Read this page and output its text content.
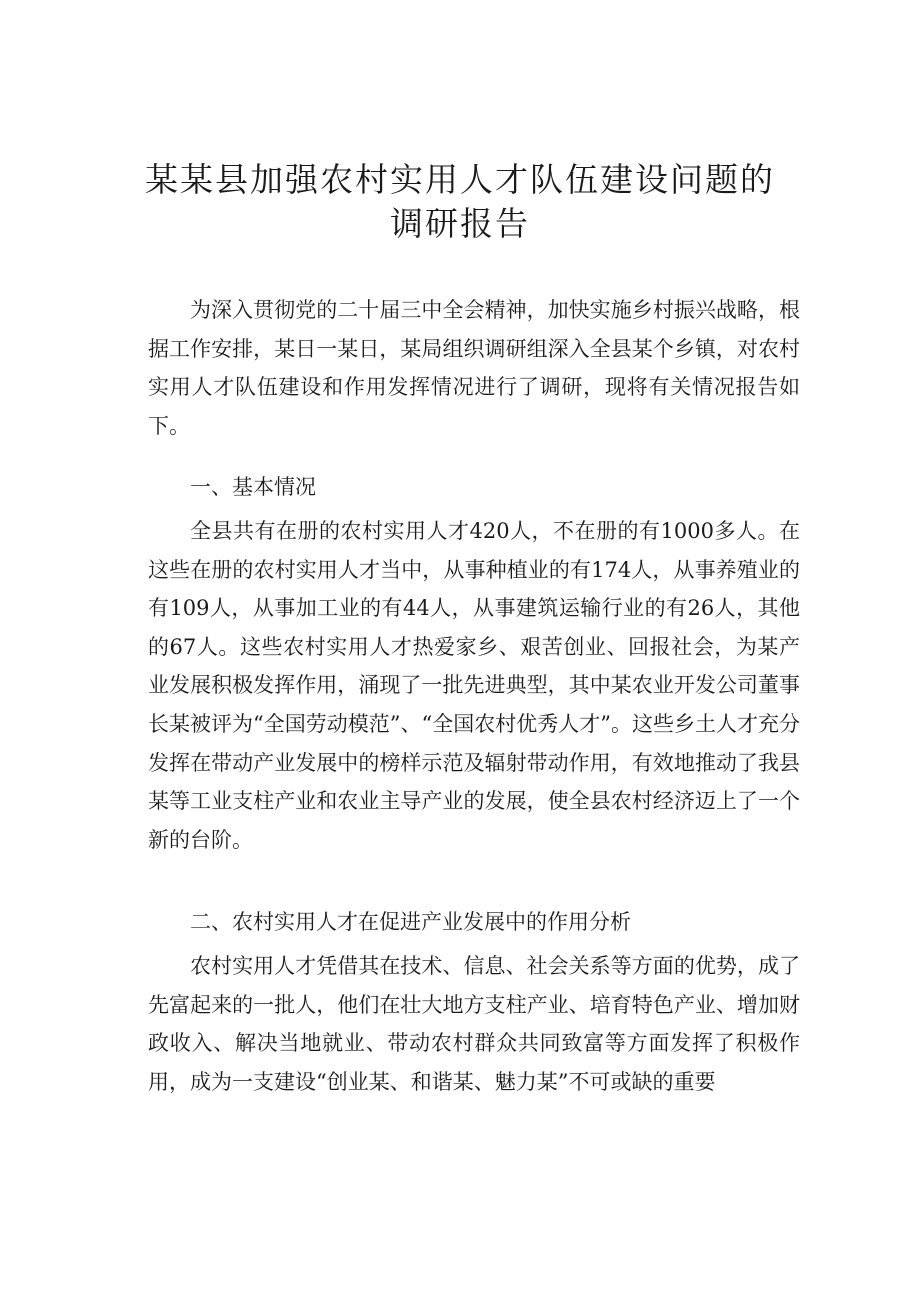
某某县加强农村实用人才队伍建设问题的
调研报告

为深入贯彻党的二十届三中全会精神，加快实施乡村振兴战略，根据工作安排，某日一某日，某局组织调研组深入全县某个乡镇，对农村实用人才队伍建设和作用发挥情况进行了调研，现将有关情况报告如下。

一、基本情况

全县共有在册的农村实用人才420人，不在册的有1000多人。在这些在册的农村实用人才当中，从事种植业的有174人，从事养殖业的有109人，从事加工业的有44人，从事建筑运输行业的有26人，其他的67人。这些农村实用人才热爱家乡、艰苦创业、回报社会，为某产业发展积极发挥作用，涌现了一批先进典型，其中某农业开发公司董事长某被评为“全国劳动模范”、“全国农村优秀人才”。这些乡土人才充分发挥在带动产业发展中的榜样示范及辐射带动作用，有效地推动了我县某等工业支柱产业和农业主导产业的发展，使全县农村经济迈上了一个新的台阶。

二、农村实用人才在促进产业发展中的作用分析

农村实用人才凭借其在技术、信息、社会关系等方面的优势，成了先富起来的一批人，他们在壮大地方支柱产业、培育特色产业、增加财政收入、解决当地就业、带动农村群众共同致富等方面发挥了积极作用，成为一支建设“创业某、和谐某、魅力某”不可或缺的重要
